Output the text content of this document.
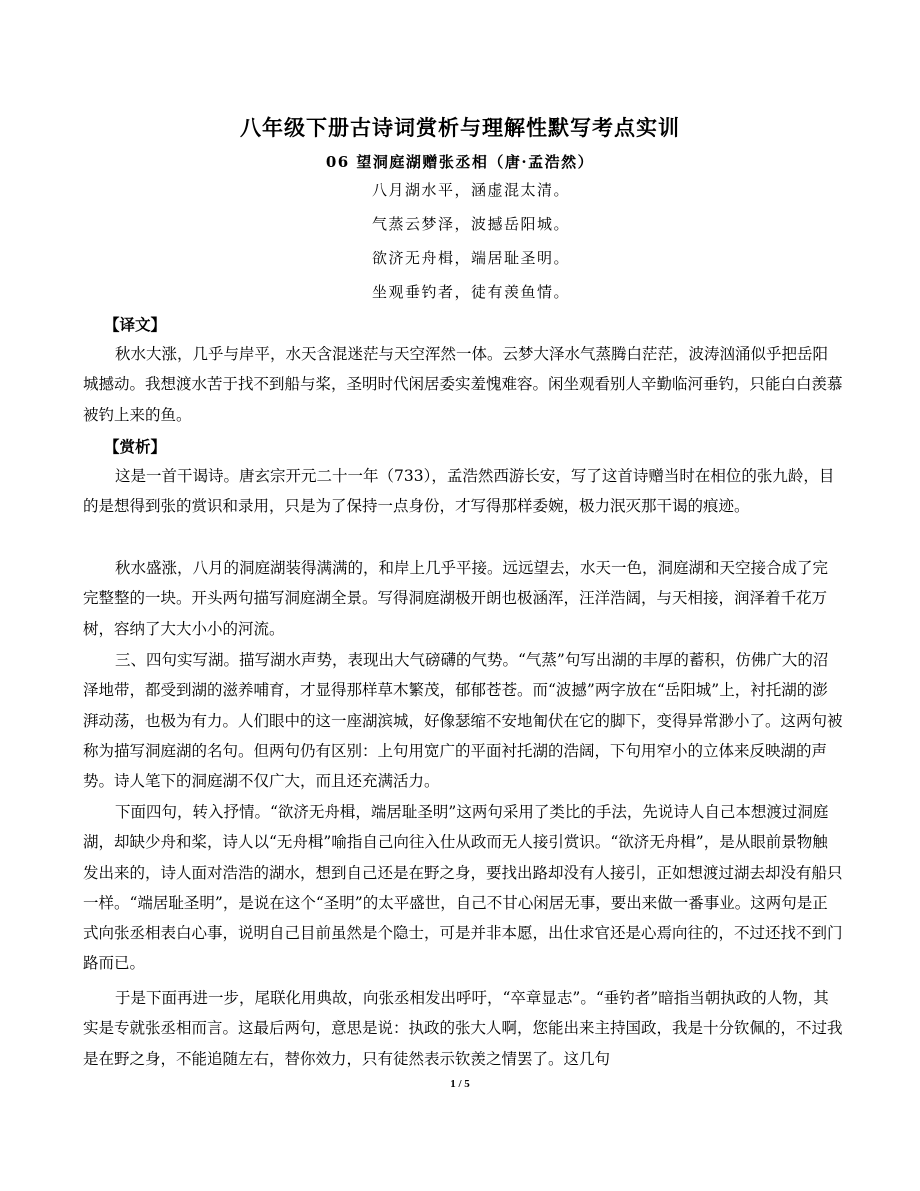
八年级下册古诗词赏析与理解性默写考点实训
06 望洞庭湖赠张丞相（唐·孟浩然）
八月湖水平，涵虚混太清。
气蒸云梦泽，波撼岳阳城。
欲济无舟楫，端居耻圣明。
坐观垂钓者，徒有羡鱼情。
【译文】

秋水大涨，几乎与岸平，水天含混迷茫与天空浑然一体。云梦大泽水气蒸腾白茫茫，波涛汹涌似乎把岳阳城撼动。我想渡水苦于找不到船与桨，圣明时代闲居委实羞愧难容。闲坐观看别人辛勤临河垂钓，只能白白羡慕被钓上来的鱼。

【赏析】

这是一首干谒诗。唐玄宗开元二十一年（733），孟浩然西游长安，写了这首诗赠当时在相位的张九龄，目的是想得到张的赏识和录用，只是为了保持一点身份，才写得那样委婉，极力泯灭那干谒的痕迹。

秋水盛涨，八月的洞庭湖装得满满的，和岸上几乎平接。远远望去，水天一色，洞庭湖和天空接合成了完完整整的一块。开头两句描写洞庭湖全景。写得洞庭湖极开朗也极涵浑，汪洋浩阔，与天相接，润泽着千花万树，容纳了大大小小的河流。

三、四句实写湖。描写湖水声势，表现出大气磅礴的气势。“气蒸”句写出湖的丰厚的蓄积，仿佛广大的沼泽地带，都受到湖的滋养哺育，才显得那样草木繁茂，郁郁苍苍。而“波撼”两字放在“岳阳城”上，衬托湖的澎湃动荡，也极为有力。人们眼中的这一座湖滨城，好像瑟缩不安地匍伏在它的脚下，变得异常渺小了。这两句被称为描写洞庭湖的名句。但两句仍有区别：上句用宽广的平面衬托湖的浩阔，下句用窄小的立体来反映湖的声势。诗人笔下的洞庭湖不仅广大，而且还充满活力。

下面四句，转入抒情。“欲济无舟楫，端居耻圣明”这两句采用了类比的手法，先说诗人自己本想渡过洞庭湖，却缺少舟和桨，诗人以“无舟楫”喻指自己向往入仕从政而无人接引赏识。“欲济无舟楫”，是从眼前景物触发出来的，诗人面对浩浩的湖水，想到自己还是在野之身，要找出路却没有人接引，正如想渡过湖去却没有船只一样。“端居耻圣明”，是说在这个“圣明”的太平盛世，自己不甘心闲居无事，要出来做一番事业。这两句是正式向张丞相表白心事，说明自己目前虽然是个隐士，可是并非本愿，出仕求官还是心焉向往的，不过还找不到门路而已。

于是下面再进一步，尾联化用典故，向张丞相发出呼吁，“卒章显志”。“垂钓者”暗指当朝执政的人物，其实是专就张丞相而言。这最后两句，意思是说：执政的张大人啊，您能出来主持国政，我是十分钦佩的，不过我是在野之身，不能追随左右，替你效力，只有徒然表示钦羡之情罢了。这几句

1 / 5
